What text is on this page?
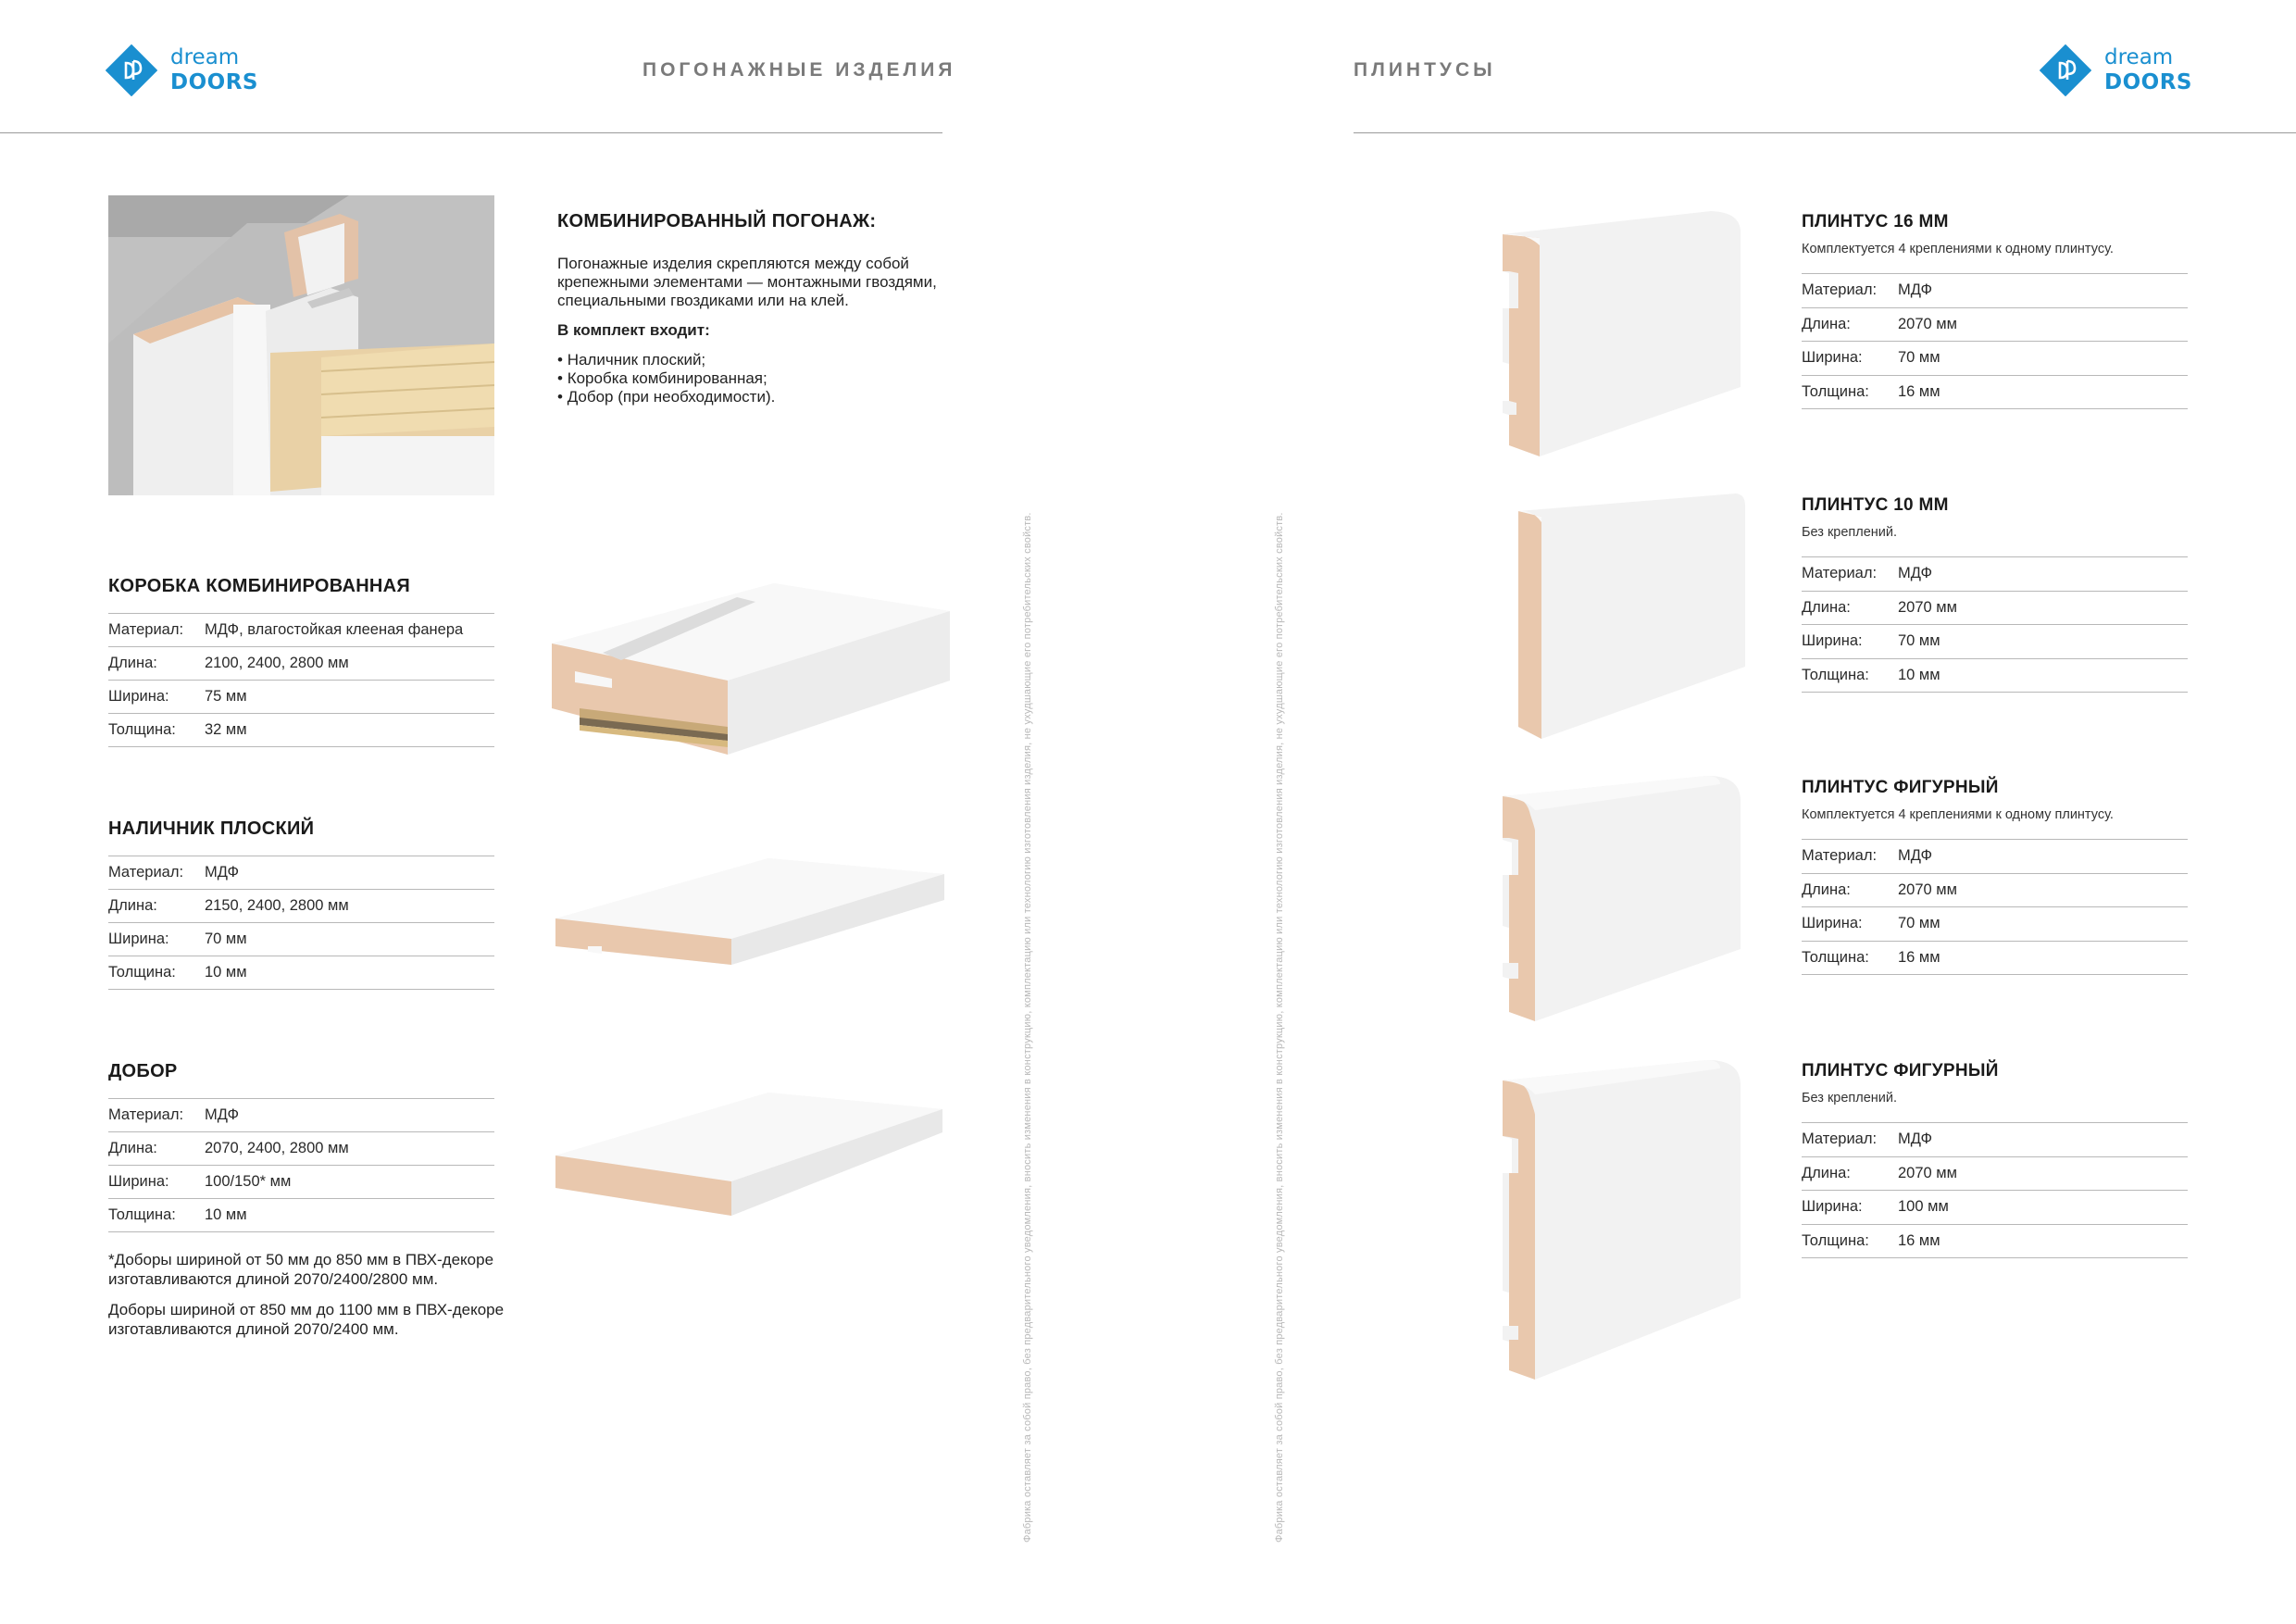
dream
DOORS
ПОГОНАЖНЫЕ ИЗДЕЛИЯ	ПЛИНТУСЫ
dream
DOORS
КОМБИНИРОВАННЫЙ ПОГОНАЖ:

Погонажные изделия скрепляются между собой крепежными элементами — монтажными гвоздями, специальными гвоздиками или на клей.

В комплект входит:

• Наличник плоский;
• Коробка комбинированная;
• Добор (при необходимости).
КОРОБКА КОМБИНИРОВАННАЯ
Материал:	МДФ, влагостойкая клееная фанера
Длина:	2100, 2400, 2800 мм
Ширина:	75 мм
Толщина:	32 мм
НАЛИЧНИК ПЛОСКИЙ
Материал:	МДФ
Длина:	2150, 2400, 2800 мм
Ширина:	70 мм
Толщина:	10 мм
ДОБОР
Материал:	МДФ
Длина:	2070, 2400, 2800 мм
Ширина:	100/150* мм
Толщина:	10 мм

*Доборы шириной от 50 мм до 850 мм в ПВХ-декоре изготавливаются длиной 2070/2400/2800 мм.

Доборы шириной от 850 мм до 1100 мм в ПВХ-декоре изготавливаются длиной 2070/2400 мм.	Фабрика оставляет за собой право, без предварительного уведомления, вносить изменения в конструкцию, комплектацию или технологию изготовления изделия, не ухудшающие его потребительских свойств.	Фабрика оставляет за собой право, без предварительного уведомления, вносить изменения в конструкцию, комплектацию или технологию изготовления изделия, не ухудшающие его потребительских свойств.
ПЛИНТУС 16 ММ
Комплектуется 4 креплениями к одному плинтусу.
Материал:	МДФ
Длина:	2070 мм
Ширина:	70 мм
Толщина:	16 мм
ПЛИНТУС 10 ММ
Без креплений.
Материал:	МДФ
Длина:	2070 мм
Ширина:	70 мм
Толщина:	10 мм
ПЛИНТУС ФИГУРНЫЙ
Комплектуется 4 креплениями к одному плинтусу.
Материал:	МДФ
Длина:	2070 мм
Ширина:	70 мм
Толщина:	16 мм
ПЛИНТУС ФИГУРНЫЙ
Без креплений.
Материал:	МДФ
Длина:	2070 мм
Ширина:	100 мм
Толщина:	16 мм
